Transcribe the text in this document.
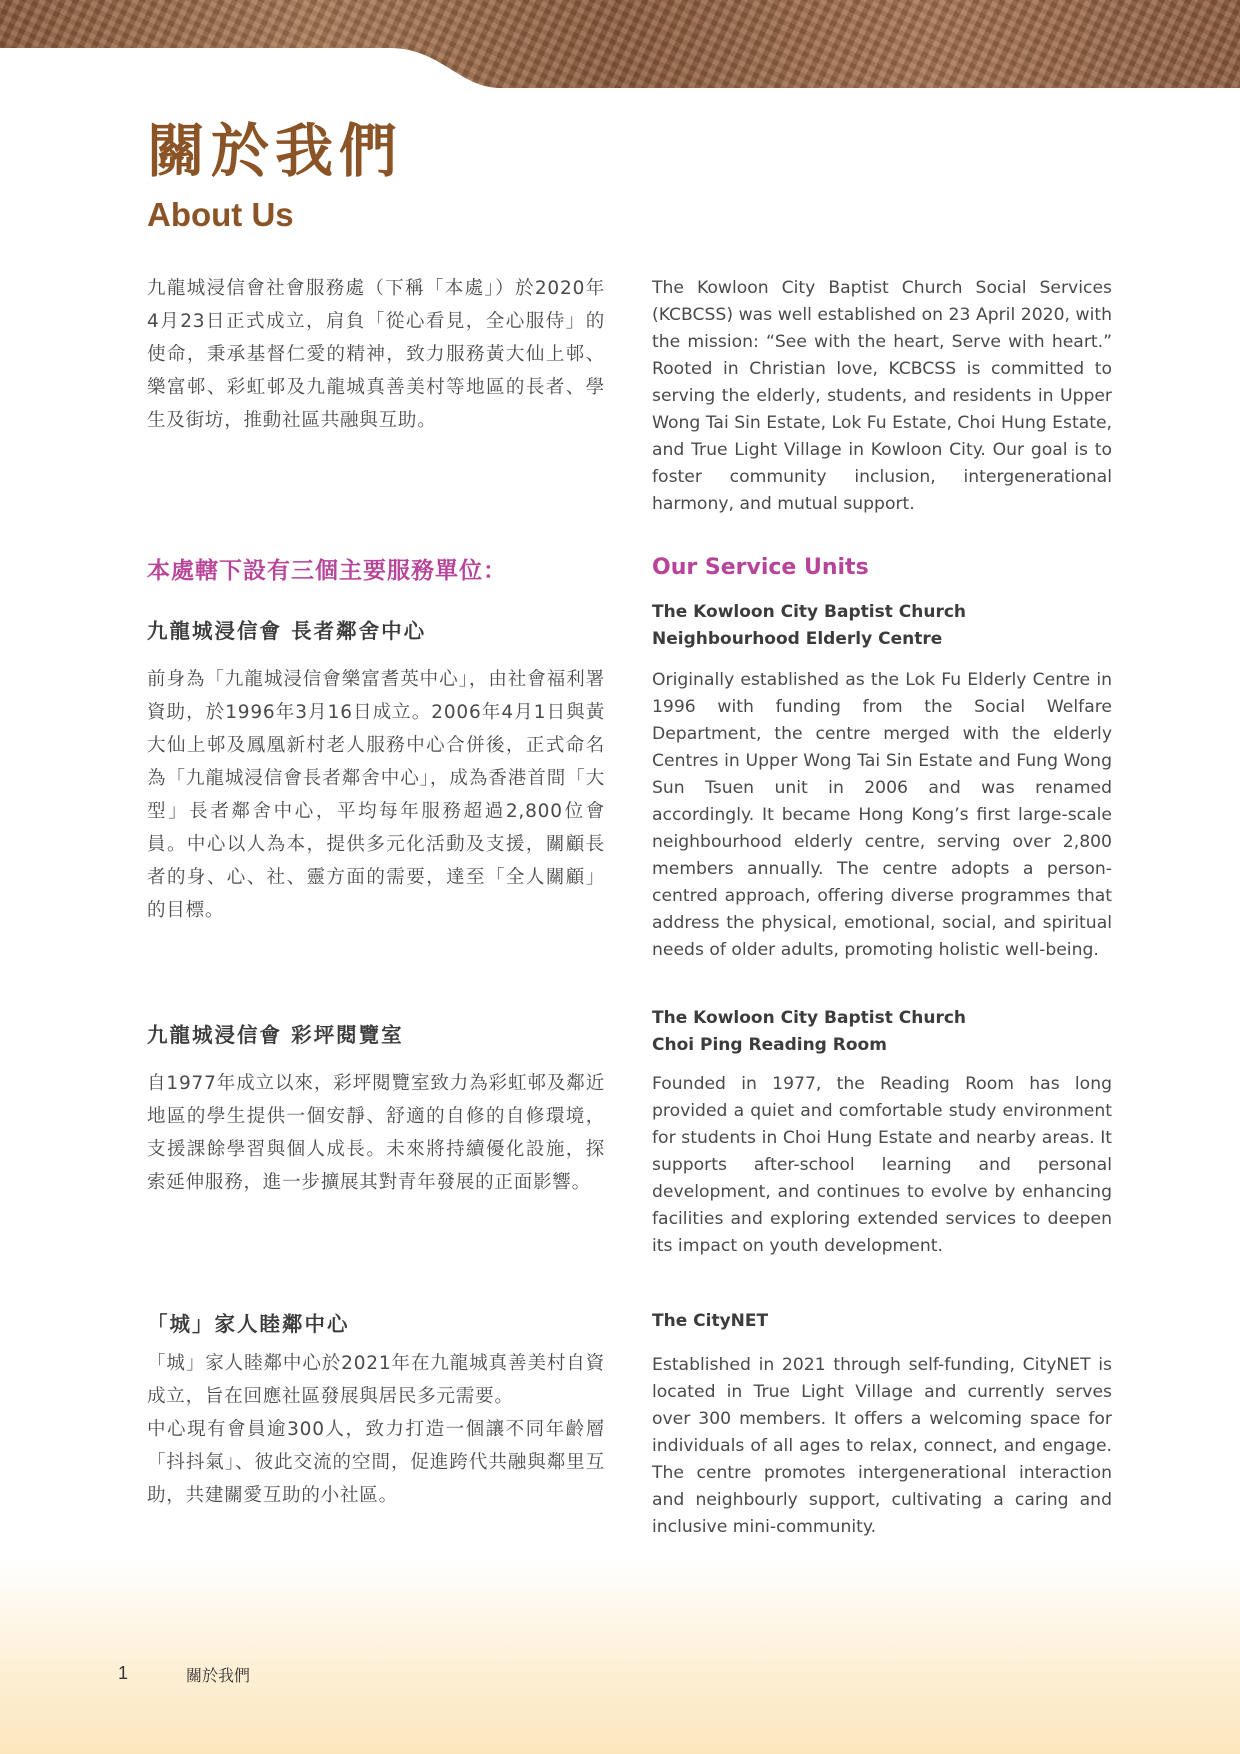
關於我們
About Us

九龍城浸信會社會服務處（下稱「本處」）於2020年4月23日正式成立，肩負「從心看見，全心服侍」的使命，秉承基督仁愛的精神，致力服務黃大仙上邨、樂富邨、彩虹邨及九龍城真善美村等地區的長者、學生及街坊，推動社區共融與互助。

The Kowloon City Baptist Church Social Services (KCBCSS) was well established on 23 April 2020, with the mission: “See with the heart, Serve with heart.” Rooted in Christian love, KCBCSS is committed to serving the elderly, students, and residents in Upper Wong Tai Sin Estate, Lok Fu Estate, Choi Hung Estate, and True Light Village in Kowloon City. Our goal is to foster community inclusion, intergenerational harmony, and mutual support.

本處轄下設有三個主要服務單位：	Our Service Units
九龍城浸信會 長者鄰舍中心
The Kowloon City Baptist Church
Neighbourhood Elderly Centre

前身為「九龍城浸信會樂富耆英中心」，由社會福利署資助，於1996年3月16日成立。2006年4月1日與黃大仙上邨及鳳凰新村老人服務中心合併後，正式命名為「九龍城浸信會長者鄰舍中心」，成為香港首間「大型」長者鄰舍中心，平均每年服務超過2,800位會員。中心以人為本，提供多元化活動及支援，關顧長者的身、心、社、靈方面的需要，達至「全人關顧」的目標。

Originally established as the Lok Fu Elderly Centre in 1996 with funding from the Social Welfare Department, the centre merged with the elderly Centres in Upper Wong Tai Sin Estate and Fung Wong Sun Tsuen unit in 2006 and was renamed accordingly. It became Hong Kong’s first large-scale neighbourhood elderly centre, serving over 2,800 members annually. The centre adopts a person-centred approach, offering diverse programmes that address the physical, emotional, social, and spiritual needs of older adults, promoting holistic well-being.

九龍城浸信會 彩坪閱覽室
The Kowloon City Baptist Church
Choi Ping Reading Room

自1977年成立以來，彩坪閱覽室致力為彩虹邨及鄰近地區的學生提供一個安靜、舒適的自修的自修環境，支援課餘學習與個人成長。未來將持續優化設施，探索延伸服務，進一步擴展其對青年發展的正面影響。

Founded in 1977, the Reading Room has long provided a quiet and comfortable study environment for students in Choi Hung Estate and nearby areas. It supports after-school learning and personal development, and continues to evolve by enhancing facilities and exploring extended services to deepen its impact on youth development.

「城」家人睦鄰中心	The CityNET

「城」家人睦鄰中心於2021年在九龍城真善美村自資成立，旨在回應社區發展與居民多元需要。

中心現有會員逾300人，致力打造一個讓不同年齡層「抖抖氣」、彼此交流的空間，促進跨代共融與鄰里互助，共建關愛互助的小社區。

Established in 2021 through self-funding, CityNET is located in True Light Village and currently serves over 300 members. It offers a welcoming space for individuals of all ages to relax, connect, and engage. The centre promotes intergenerational interaction and neighbourly support, cultivating a caring and inclusive mini-community.

1	關於我們
